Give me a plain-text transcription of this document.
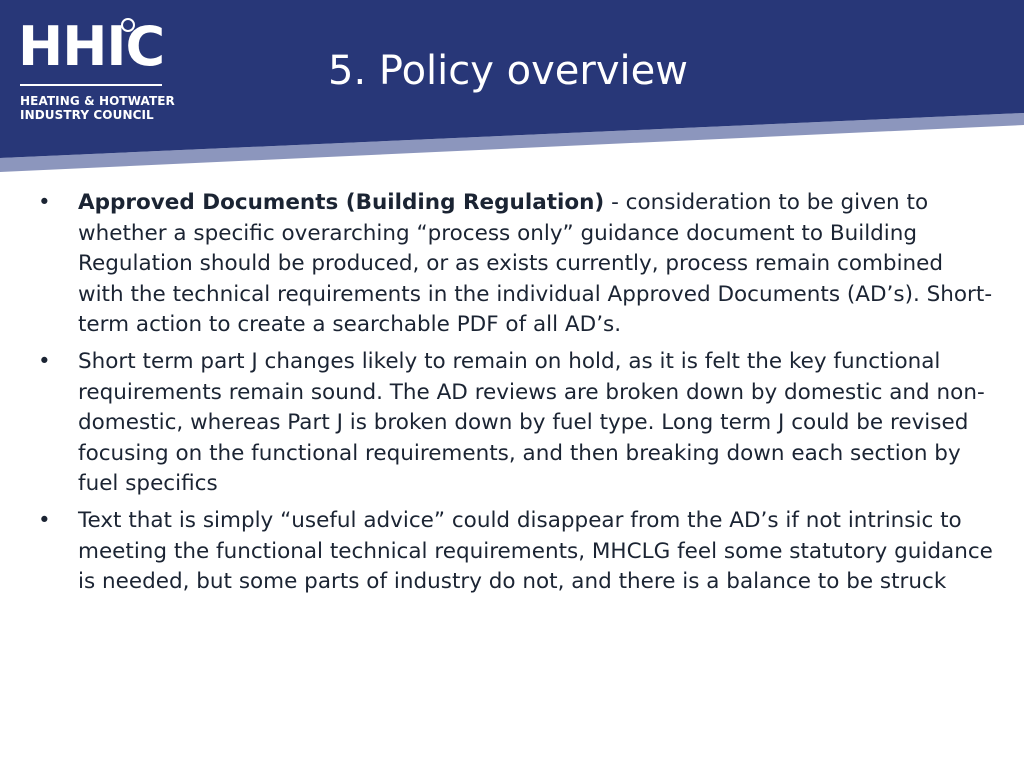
HHIC
HEATING & HOTWATER
INDUSTRY COUNCIL
5. Policy overview
• Approved Documents (Building Regulation) - consideration to be given to whether a specific overarching “process only” guidance document to Building Regulation should be produced, or as exists currently, process remain combined with the technical requirements in the individual Approved Documents (AD’s). Short-term action to create a searchable PDF of all AD’s.
• Short term part J changes likely to remain on hold, as it is felt the key functional requirements remain sound. The AD reviews are broken down by domestic and non-domestic, whereas Part J is broken down by fuel type. Long term J could be revised focusing on the functional requirements, and then breaking down each section by fuel specifics
• Text that is simply “useful advice” could disappear from the AD’s if not intrinsic to meeting the functional technical requirements, MHCLG feel some statutory guidance is needed, but some parts of industry do not, and there is a balance to be struck
